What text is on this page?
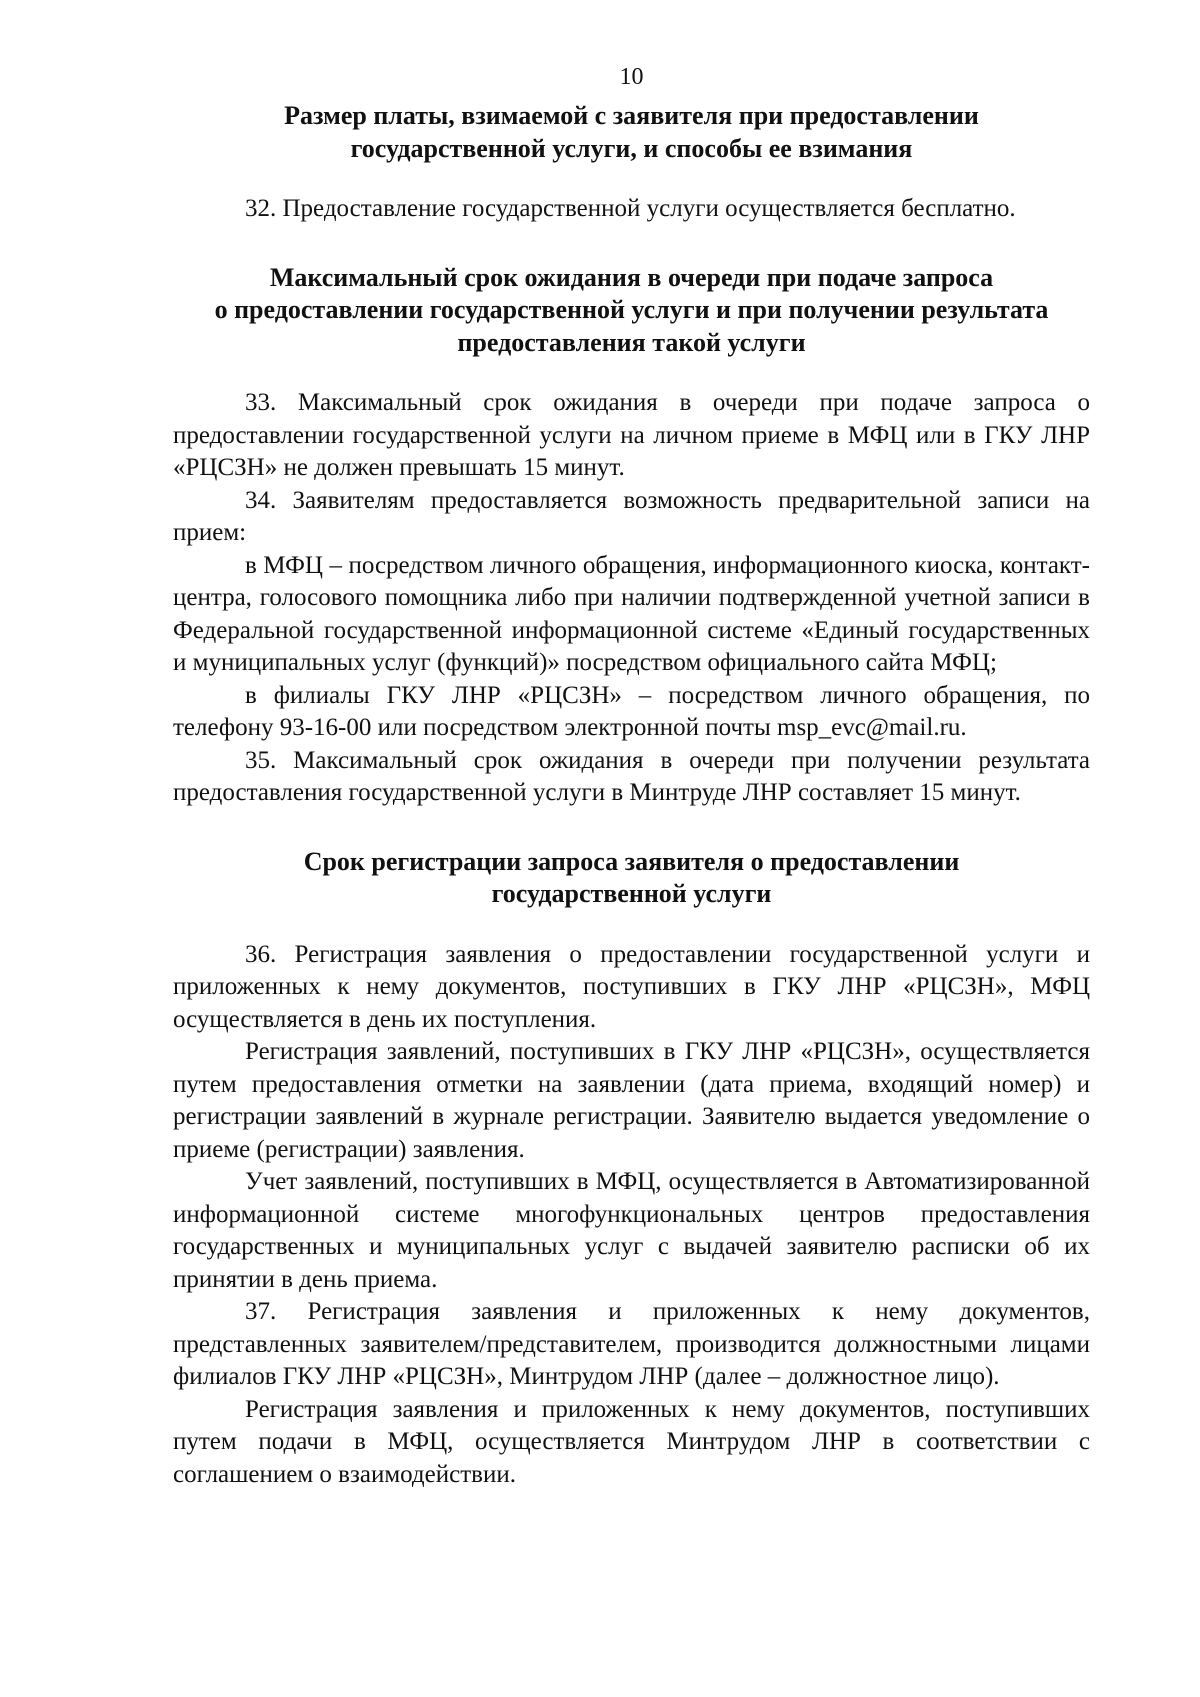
10
Размер платы, взимаемой с заявителя при предоставлении
государственной услуги, и способы ее взимания

32. Предоставление государственной услуги осуществляется бесплатно.

Максимальный срок ожидания в очереди при подаче запроса
о предоставлении государственной услуги и при получении результата
предоставления такой услуги

33. Максимальный срок ожидания в очереди при подаче запроса о предоставлении государственной услуги на личном приеме в МФЦ или в ГКУ ЛНР «РЦСЗН» не должен превышать 15 минут.

34. Заявителям предоставляется возможность предварительной записи на прием:

в МФЦ – посредством личного обращения, информационного киоска, контакт-центра, голосового помощника либо при наличии подтвержденной учетной записи в Федеральной государственной информационной системе «Единый государственных и муниципальных услуг (функций)» посредством официального сайта МФЦ;

в филиалы ГКУ ЛНР «РЦСЗН» – посредством личного обращения, по телефону 93-16-00 или посредством электронной почты msp_evc@mail.ru.

35. Максимальный срок ожидания в очереди при получении результата предоставления государственной услуги в Минтруде ЛНР составляет 15 минут.

Срок регистрации запроса заявителя о предоставлении
государственной услуги

36. Регистрация заявления о предоставлении государственной услуги и приложенных к нему документов, поступивших в ГКУ ЛНР «РЦСЗН», МФЦ осуществляется в день их поступления.

Регистрация заявлений, поступивших в ГКУ ЛНР «РЦСЗН», осуществляется путем предоставления отметки на заявлении (дата приема, входящий номер) и регистрации заявлений в журнале регистрации. Заявителю выдается уведомление о приеме (регистрации) заявления.

Учет заявлений, поступивших в МФЦ, осуществляется в Автоматизированной информационной системе многофункциональных центров предоставления государственных и муниципальных услуг с выдачей заявителю расписки об их принятии в день приема.

37. Регистрация заявления и приложенных к нему документов, представленных заявителем/представителем, производится должностными лицами филиалов ГКУ ЛНР «РЦСЗН», Минтрудом ЛНР (далее – должностное лицо).

Регистрация заявления и приложенных к нему документов, поступивших путем подачи в МФЦ, осуществляется Минтрудом ЛНР в соответствии с соглашением о взаимодействии.
